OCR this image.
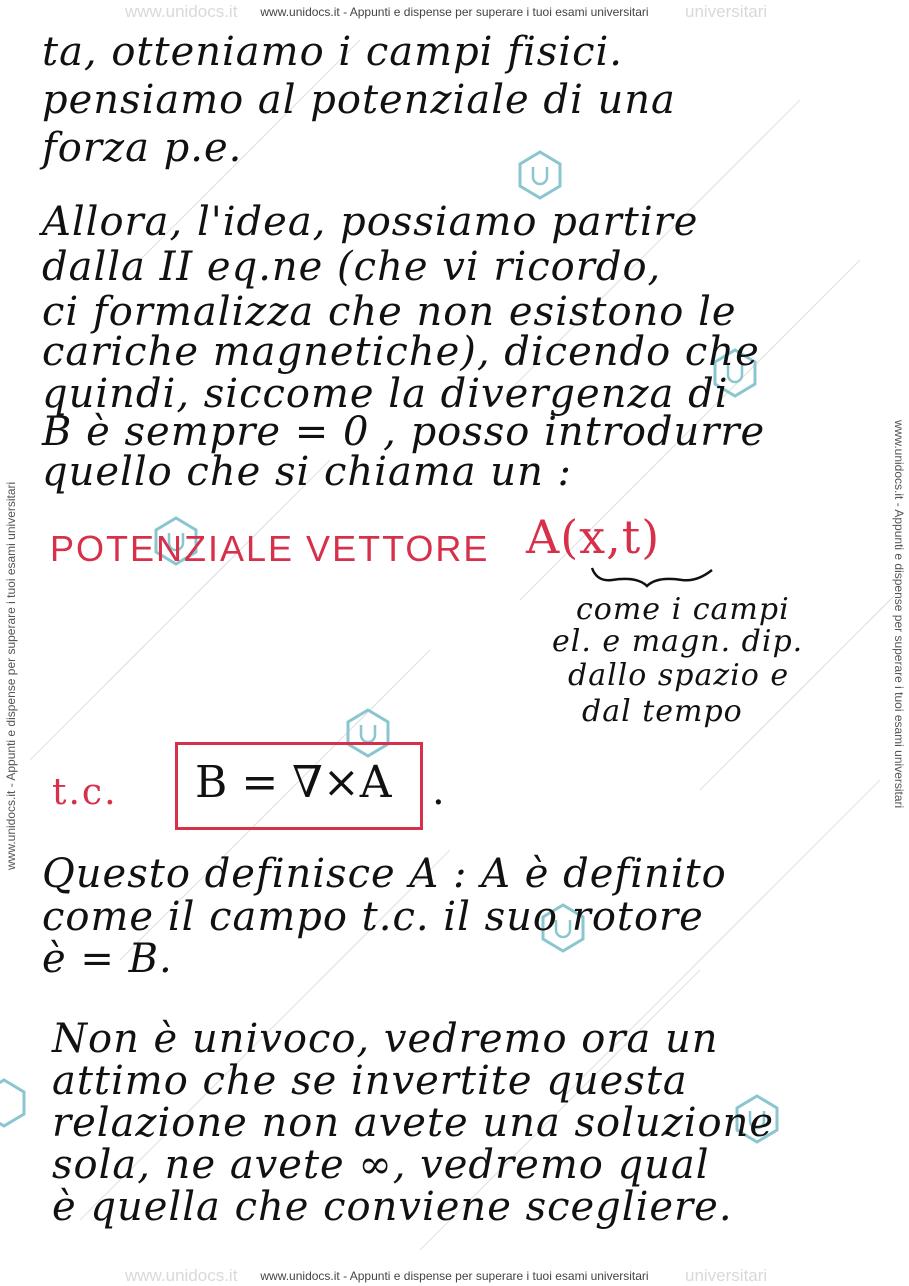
www.unidocs.it www.unidocs.it - Appunti e dispense per superare i tuoi esami universitari universitari
www.unidocs.it - Appunti e dispense per superare i tuoi esami universitari	www.unidocs.it - Appunti e dispense per superare i tuoi esami universitari
ta, otteniamo i campi fisici.
pensiamo al potenziale di una
forza p.e.
Allora, l'idea, possiamo partire
dalla II eq.ne (che vi ricordo,
ci formalizza che non esistono le
cariche magnetiche), dicendo che
quindi, siccome la divergenza di
B è sempre = 0 , posso introdurre
quello che si chiama un :
POTENZIALE VETTORE A(x,t)
come i campi
el. e magn. dip.
dallo spazio e
dal tempo
t.c. B = ∇×A .
Questo definisce A : A è definito
come il campo t.c. il suo rotore
è = B.
Non è univoco, vedremo ora un
attimo che se invertite questa
relazione non avete una soluzione
sola, ne avete ∞, vedremo qual
è quella che conviene scegliere.
www.unidocs.it www.unidocs.it - Appunti e dispense per superare i tuoi esami universitari universitari
